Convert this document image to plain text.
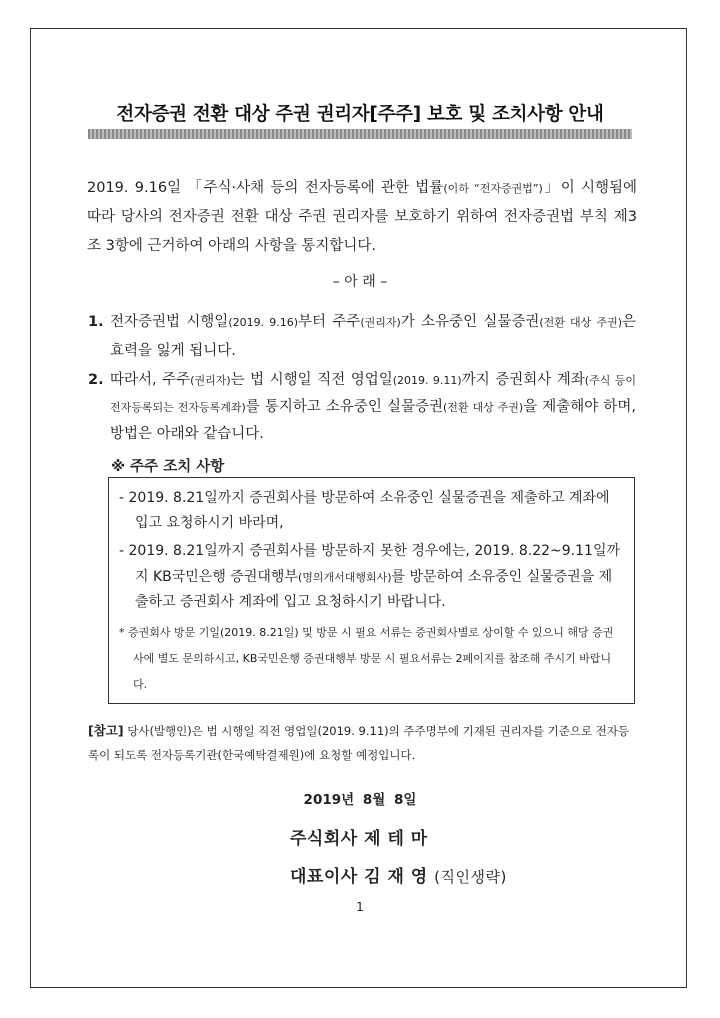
전자증권 전환 대상 주권 권리자[주주] 보호 및 조치사항 안내

2019. 9.16일 「주식·사채 등의 전자등록에 관한 법률(이하 “전자증권법”)」이 시행됨에 따라 당사의 전자증권 전환 대상 주권 권리자를 보호하기 위하여 전자증권법 부칙 제3조 3항에 근거하여 아래의 사항을 통지합니다.

– 아 래 –
1. 전자증권법 시행일(2019. 9.16)부터 주주(권리자)가 소유중인 실물증권(전환 대상 주권)은 효력을 잃게 됩니다.
2. 따라서, 주주(권리자)는 법 시행일 직전 영업일(2019. 9.11)까지 증권회사 계좌(주식 등이 전자등록되는 전자등록계좌)를 통지하고 소유중인 실물증권(전환 대상 주권)을 제출해야 하며, 방법은 아래와 같습니다.
※ 주주 조치 사항

- 2019. 8.21일까지 증권회사를 방문하여 소유중인 실물증권을 제출하고 계좌에 입고 요청하시기 바라며,

- 2019. 8.21일까지 증권회사를 방문하지 못한 경우에는, 2019. 8.22~9.11일까지 KB국민은행 증권대행부(명의개서대행회사)를 방문하여 소유중인 실물증권을 제출하고 증권회사 계좌에 입고 요청하시기 바랍니다.

* 증권회사 방문 기일(2019. 8.21일) 및 방문 시 필요 서류는 증권회사별로 상이할 수 있으니 해당 증권사에 별도 문의하시고, KB국민은행 증권대행부 방문 시 필요서류는 2페이지를 참조해 주시기 바랍니다.

[참고] 당사(발행인)은 법 시행일 직전 영업일(2019. 9.11)의 주주명부에 기재된 권리자를 기준으로 전자등록이 되도록 전자등록기관(한국예탁결제원)에 요청할 예정입니다.
2019년 8월 8일
주식회사 제 테 마
대표이사 김 재 영 (직인생략)
1
